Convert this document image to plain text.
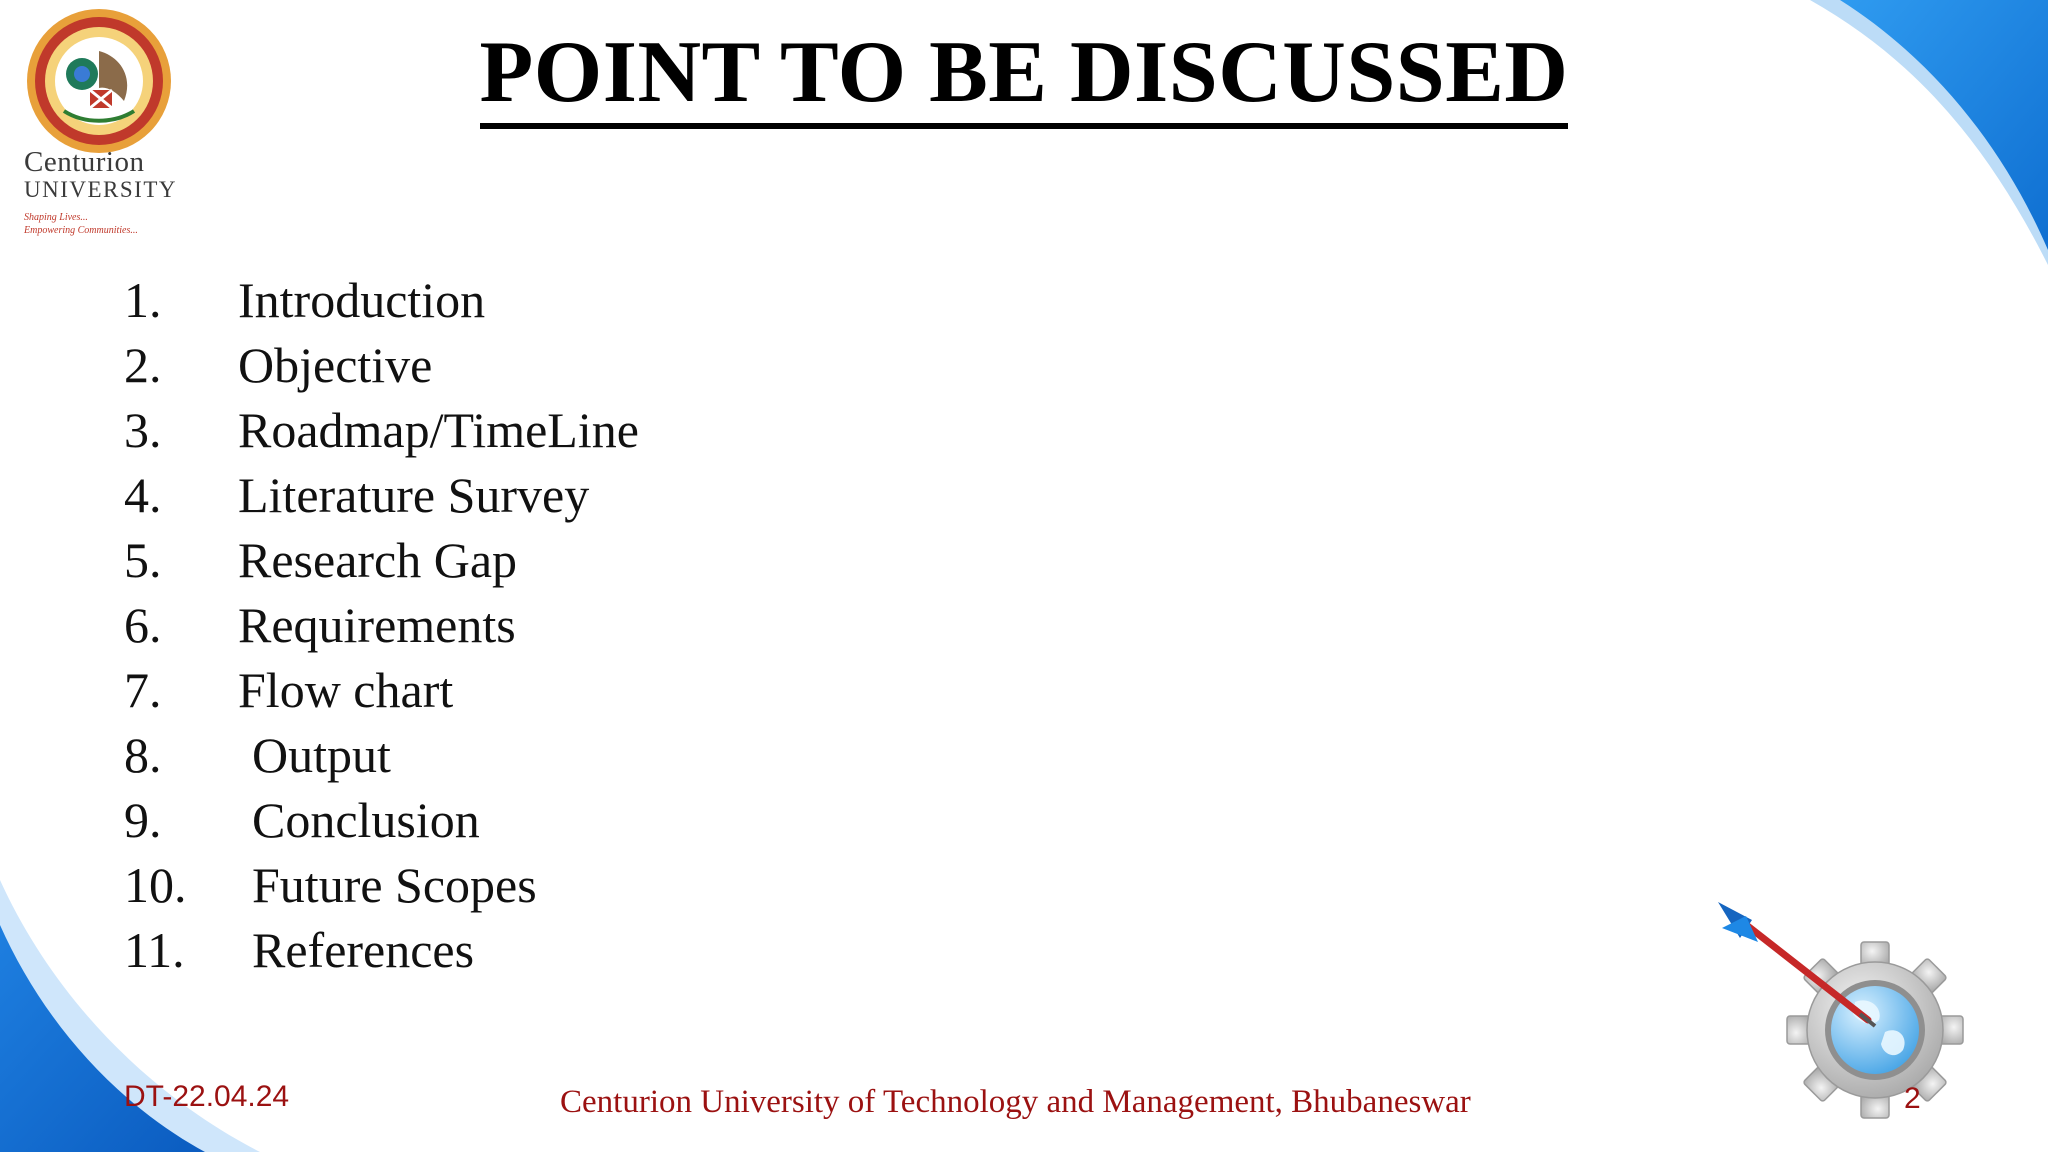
Centurion
UNIVERSITY
Shaping Lives...
Empowering Communities...
POINT TO BE DISCUSSED
1.	Introduction
2.	Objective
3.	Roadmap/TimeLine
4.	Literature Survey
5.	Research Gap
6.	Requirements
7.	Flow chart
8.	Output
9.	Conclusion
10.	Future Scopes
11.	References
DT-22.04.24	Centurion University of Technology and Management, Bhubaneswar	2
